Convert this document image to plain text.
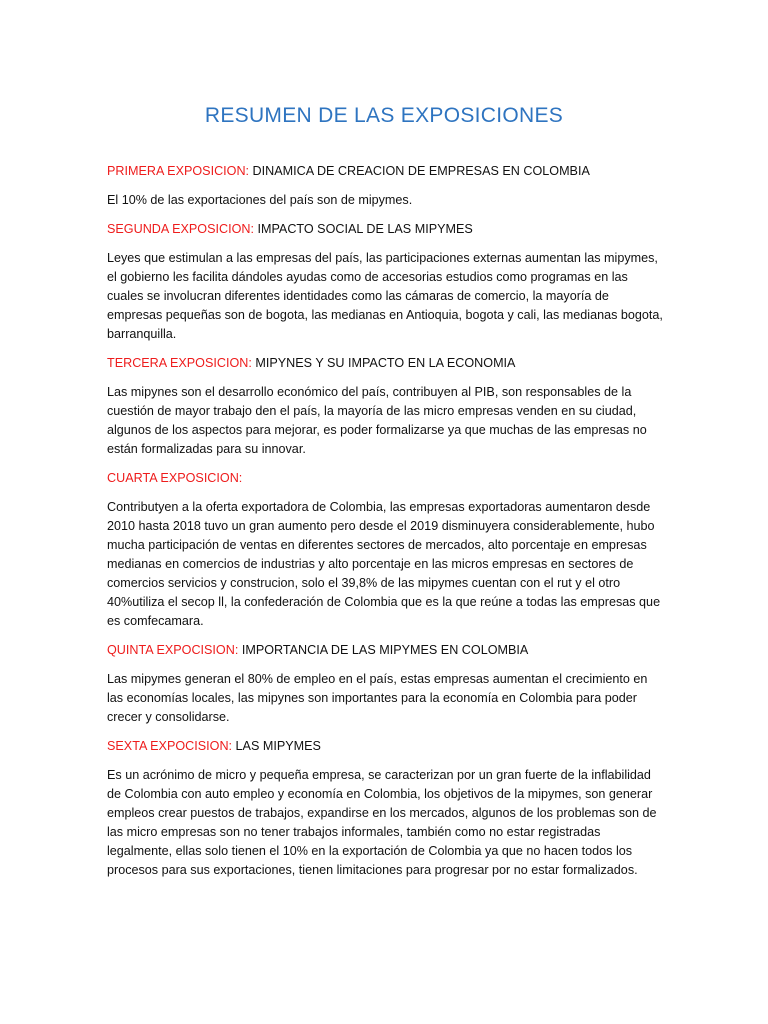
RESUMEN DE LAS EXPOSICIONES

PRIMERA EXPOSICION: DINAMICA DE CREACION DE EMPRESAS EN COLOMBIA

El 10% de las exportaciones del país son de mipymes.

SEGUNDA EXPOSICION: IMPACTO SOCIAL DE LAS MIPYMES

Leyes que estimulan a las empresas del país, las participaciones externas aumentan las mipymes, el gobierno les facilita dándoles ayudas como de accesorias estudios como programas en las cuales se involucran diferentes identidades como las cámaras de comercio, la mayoría de empresas pequeñas son de bogota, las medianas en Antioquia, bogota y cali, las medianas bogota, barranquilla.

TERCERA EXPOSICION: MIPYNES Y SU IMPACTO EN LA ECONOMIA

Las mipynes son el desarrollo económico del país, contribuyen al PIB, son responsables de la cuestión de mayor trabajo den el país, la mayoría de las micro empresas venden en su ciudad, algunos de los aspectos para mejorar, es poder formalizarse ya que muchas de las empresas no están formalizadas para su innovar.

CUARTA EXPOSICION:

Contributyen a la oferta exportadora de Colombia, las empresas exportadoras aumentaron desde 2010 hasta 2018 tuvo un gran aumento pero desde el 2019 disminuyera considerablemente, hubo mucha participación de ventas en diferentes sectores de mercados, alto porcentaje en empresas medianas en comercios de industrias y alto porcentaje en las micros empresas en sectores de comercios servicios y construcion, solo el 39,8% de las mipymes cuentan con el rut y el otro 40%utiliza el secop ll, la confederación de Colombia que es la que reúne a todas las empresas que es comfecamara.

QUINTA EXPOCISION: IMPORTANCIA DE LAS MIPYMES EN COLOMBIA

Las mipymes generan el 80% de empleo en el país, estas empresas aumentan el crecimiento en las economías locales, las mipynes son importantes para la economía en Colombia para poder crecer y consolidarse.

SEXTA EXPOCISION: LAS MIPYMES

Es un acrónimo de micro y pequeña empresa, se caracterizan por un gran fuerte de la inflabilidad de Colombia con auto empleo y economía en Colombia, los objetivos de la mipymes, son generar empleos crear puestos de trabajos, expandirse en los mercados, algunos de los problemas son de las micro empresas son no tener trabajos informales, también como no estar registradas legalmente, ellas solo tienen el 10% en la exportación de Colombia ya que no hacen todos los procesos para sus exportaciones, tienen limitaciones para progresar por no estar formalizados.
